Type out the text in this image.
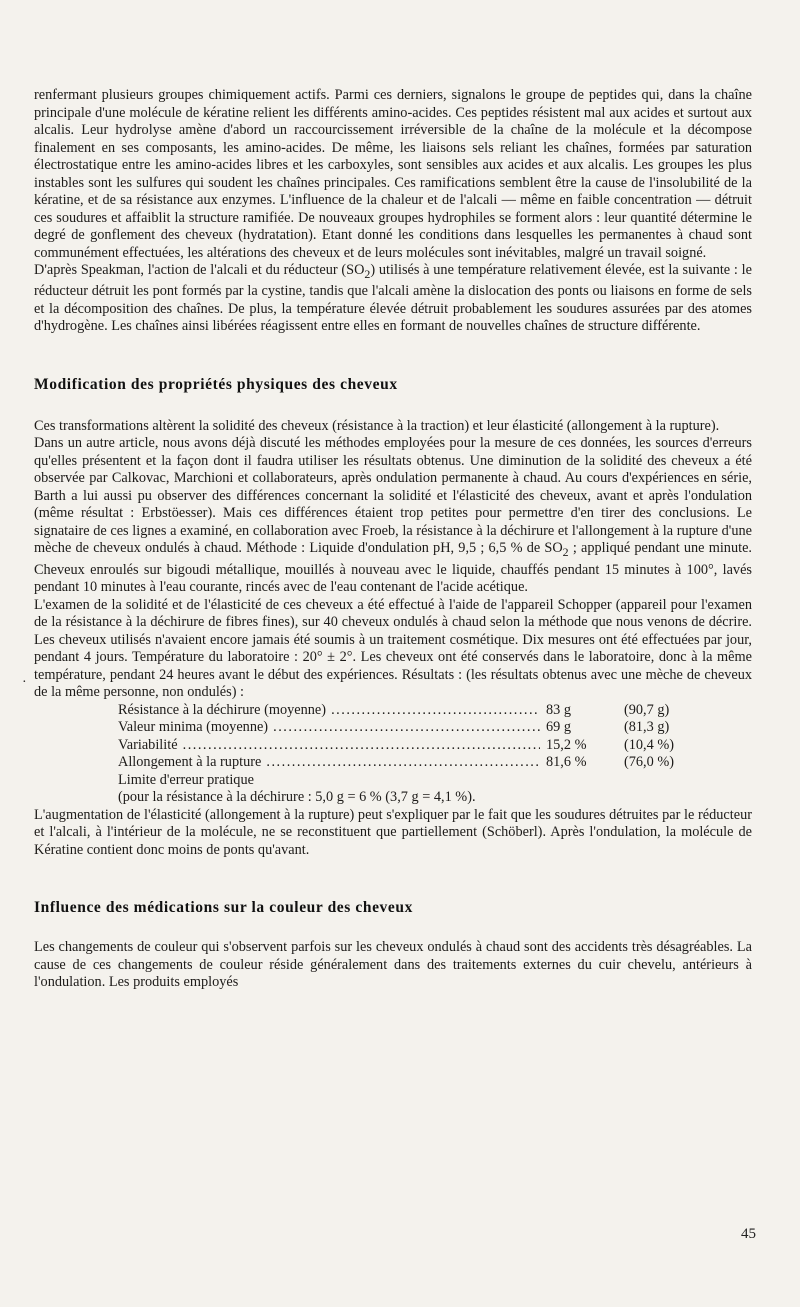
renfermant plusieurs groupes chimiquement actifs. Parmi ces derniers, signalons le groupe de peptides qui, dans la chaîne principale d'une molécule de kératine relient les différents amino-acides. Ces peptides résistent mal aux acides et surtout aux alcalis. Leur hydrolyse amène d'abord un raccourcissement irréversible de la chaîne de la molécule et la décompose finalement en ses composants, les amino-acides. De même, les liaisons sels reliant les chaînes, formées par saturation électrostatique entre les amino-acides libres et les carboxyles, sont sensibles aux acides et aux alcalis. Les groupes les plus instables sont les sulfures qui soudent les chaînes principales. Ces ramifications semblent être la cause de l'insolubilité de la kératine, et de sa résistance aux enzymes. L'influence de la chaleur et de l'alcali — même en faible concentration — détruit ces soudures et affaiblit la structure ramifiée. De nouveaux groupes hydrophiles se forment alors : leur quantité détermine le degré de gonflement des cheveux (hydratation). Etant donné les conditions dans lesquelles les permanentes à chaud sont communément effectuées, les altérations des cheveux et de leurs molécules sont inévitables, malgré un travail soigné.

D'après Speakman, l'action de l'alcali et du réducteur $(SO_2)$ utilisés à une température relativement élevée, est la suivante : le réducteur détruit les pont formés par la cystine, tandis que l'alcali amène la dislocation des ponts ou liaisons en forme de sels et la décomposition des chaînes. De plus, la température élevée détruit probablement les soudures assurées par des atomes d'hydrogène. Les chaînes ainsi libérées réagissent entre elles en formant de nouvelles chaînes de structure différente.

Modification des propriétés physiques des cheveux

Ces transformations altèrent la solidité des cheveux (résistance à la traction) et leur élasticité (allongement à la rupture).

Dans un autre article, nous avons déjà discuté les méthodes employées pour la mesure de ces données, les sources d'erreurs qu'elles présentent et la façon dont il faudra utiliser les résultats obtenus. Une diminution de la solidité des cheveux a été observée par Calkovac, Marchioni et collaborateurs, après ondulation permanente à chaud. Au cours d'expériences en série, Barth a lui aussi pu observer des différences concernant la solidité et l'élasticité des cheveux, avant et après l'ondulation (même résultat : Erbstöesser). Mais ces différences étaient trop petites pour permettre d'en tirer des conclusions. Le signataire de ces lignes a examiné, en collaboration avec Froeb, la résistance à la déchirure et l'allongement à la rupture d'une mèche de cheveux ondulés à chaud. Méthode : Liquide d'ondulation pH, 9,5 ; 6,5 % de $SO_2$ ; appliqué pendant une minute. Cheveux enroulés sur bigoudi métallique, mouillés à nouveau avec le liquide, chauffés pendant 15 minutes à 100°, lavés pendant 10 minutes à l'eau courante, rincés avec de l'eau contenant de l'acide acétique.

L'examen de la solidité et de l'élasticité de ces cheveux a été effectué à l'aide de l'appareil Schopper (appareil pour l'examen de la résistance à la déchirure de fibres fines), sur 40 cheveux ondulés à chaud selon la méthode que nous venons de décrire. Les cheveux utilisés n'avaient encore jamais été soumis à un traitement cosmétique. Dix mesures ont été effectuées par jour, pendant 4 jours. Température du laboratoire : 20° ± 2°. Les cheveux ont été conservés dans le laboratoire, donc à la même température, pendant 24 heures avant le début des expériences. Résultats : (les résultats obtenus avec une mèche de cheveux de la même personne, non ondulés) :

Résistance à la déchirure (moyenne) .....	83 g	(90,7 g)
Valeur minima (moyenne) .....	69 g	(81,3 g)
Variabilité .....	15,2 %	(10,4 %)
Allongement à la rupture .....	81,6 %	(76,0 %)
Limite d'erreur pratique
(pour la résistance à la déchirure : 5,0 g = 6 % (3,7 g = 4,1 %).

L'augmentation de l'élasticité (allongement à la rupture) peut s'expliquer par le fait que les soudures détruites par le réducteur et l'alcali, à l'intérieur de la molécule, ne se reconstituent que partiellement (Schöberl). Après l'ondulation, la molécule de Kératine contient donc moins de ponts qu'avant.

Influence des médications sur la couleur des cheveux

Les changements de couleur qui s'observent parfois sur les cheveux ondulés à chaud sont des accidents très désagréables. La cause de ces changements de couleur réside généralement dans des traitements externes du cuir chevelu, antérieurs à l'ondulation. Les produits employés

·
45
